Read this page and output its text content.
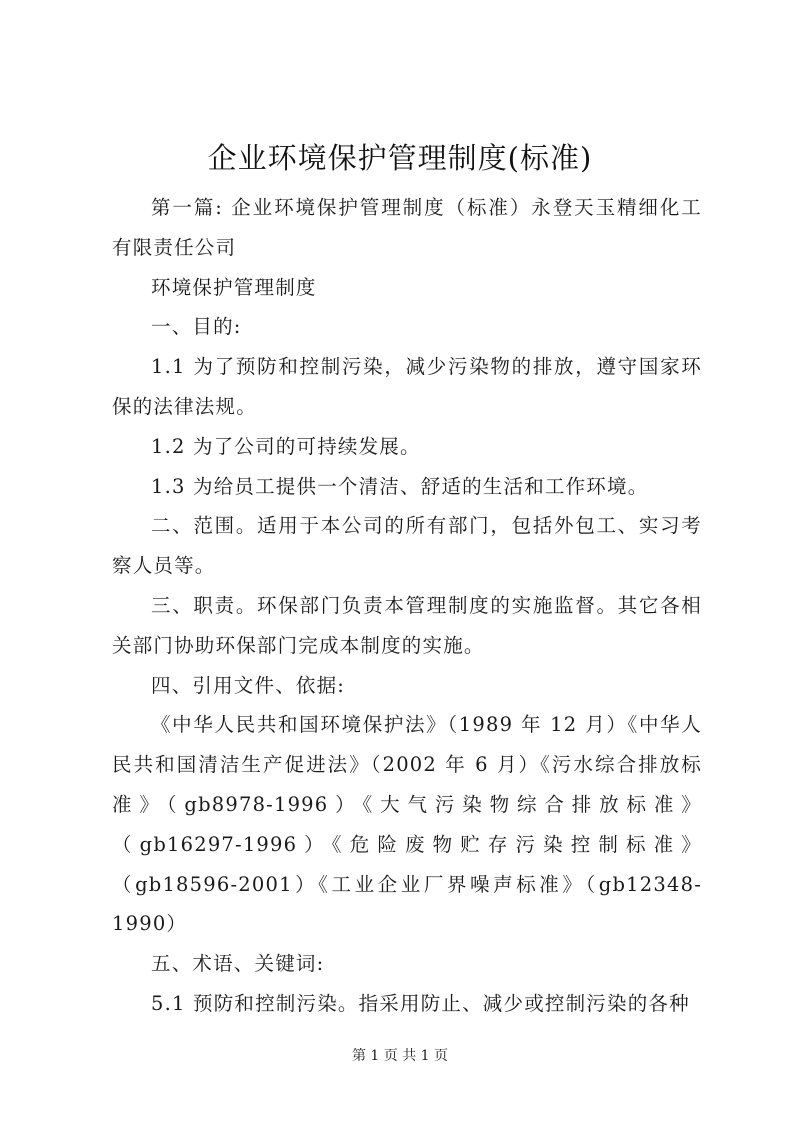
企业环境保护管理制度(标准)

第一篇: 企业环境保护管理制度（标准）永登天玉精细化工有限责任公司

环境保护管理制度

一、目的:

1.1 为了预防和控制污染，减少污染物的排放，遵守国家环保的法律法规。

1.2 为了公司的可持续发展。

1.3 为给员工提供一个清洁、舒适的生活和工作环境。

二、范围。适用于本公司的所有部门，包括外包工、实习考察人员等。

三、职责。环保部门负责本管理制度的实施监督。其它各相关部门协助环保部门完成本制度的实施。

四、引用文件、依据:

《中华人民共和国环境保护法》（1989 年 12 月）《中华人民共和国清洁生产促进法》（2002 年 6 月）《污水综合排放标准》（gb8978-1996）《大气污染物综合排放标准》（gb16297-1996）《危险废物贮存污染控制标准》（gb18596-2001）《工业企业厂界噪声标准》（gb12348-1990）

五、术语、关键词:

5.1 预防和控制污染。指采用防止、减少或控制污染的各种

第 1 页 共 1 页
